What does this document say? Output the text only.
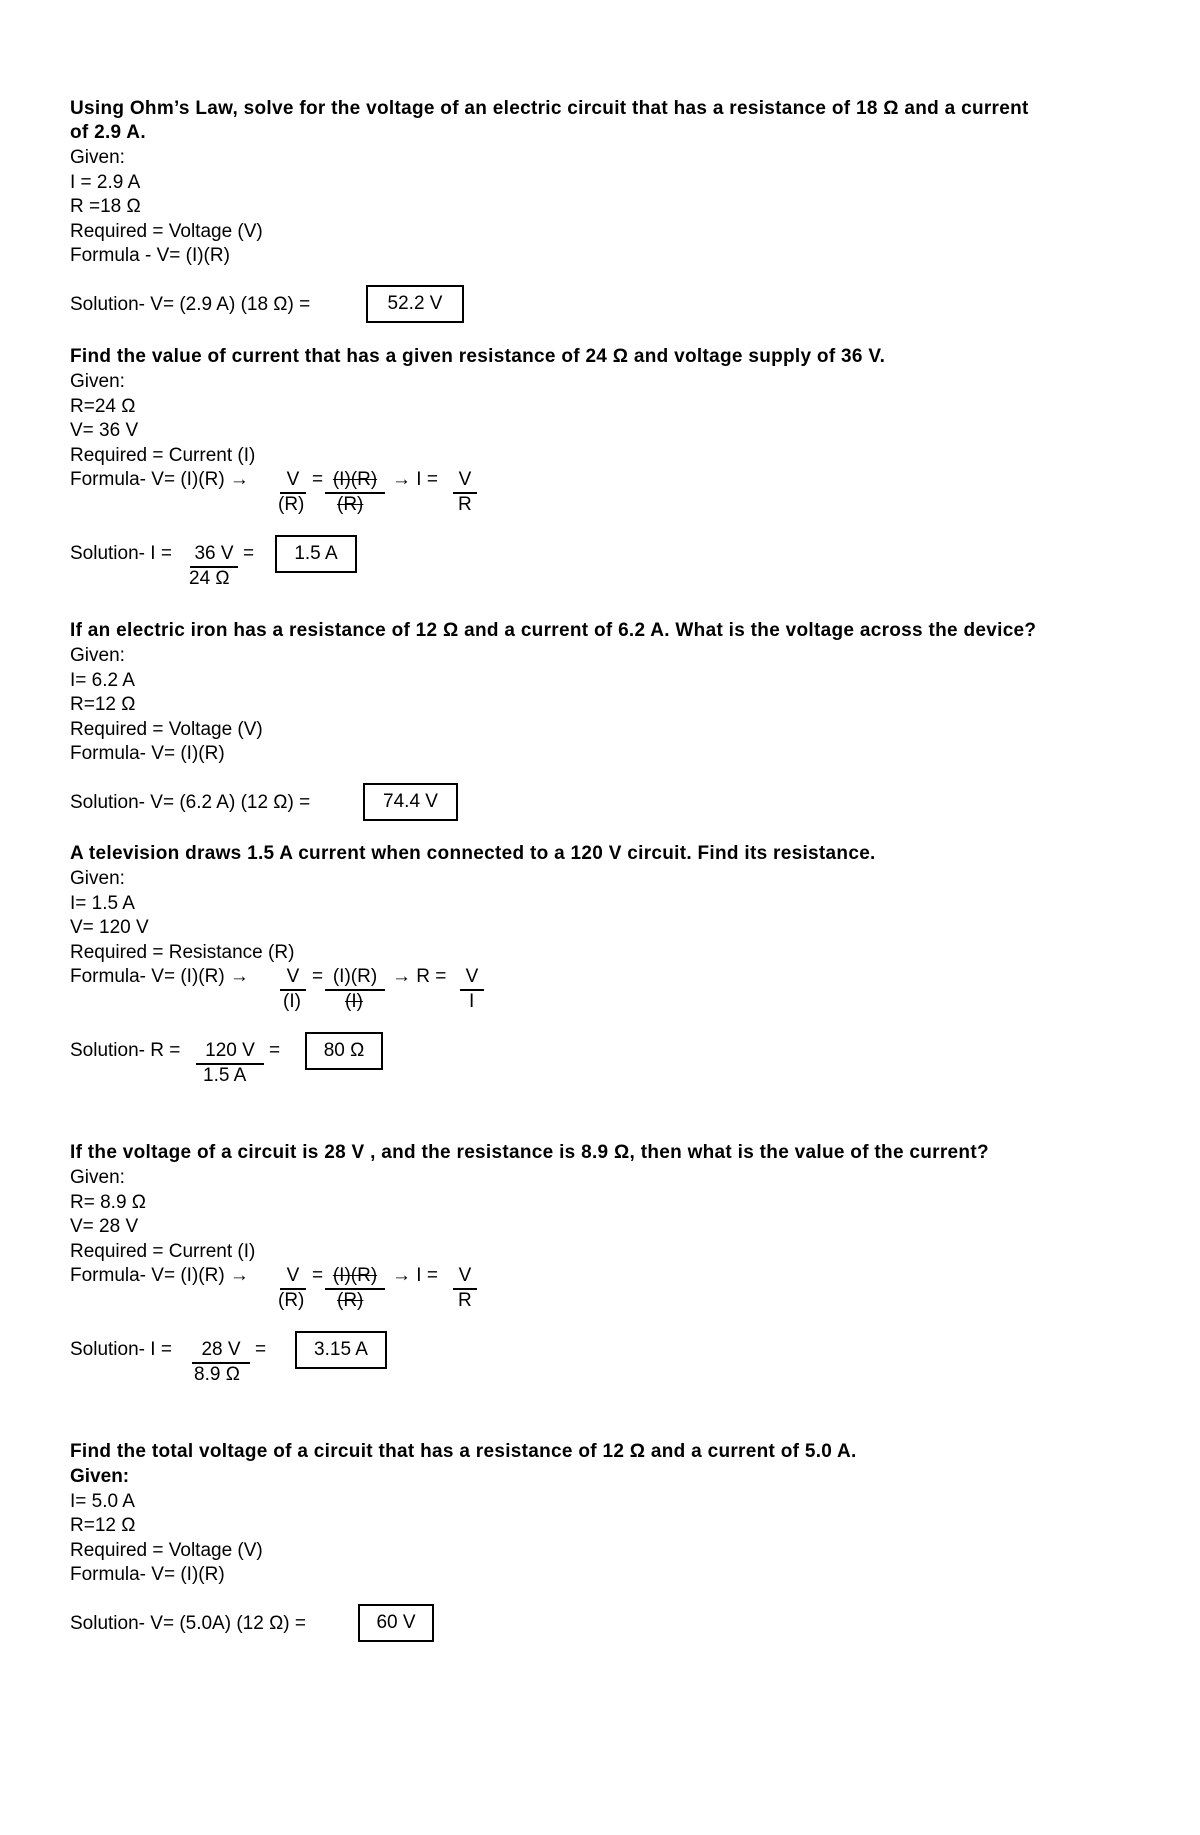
Using Ohm’s Law, solve for the voltage of an electric circuit that has a resistance of 18 Ω and a current
of 2.9 A.
Given:
I = 2.9 A
R =18 Ω
Required = Voltage (V)
Formula - V= (I)(R)
Solution- V= (2.9 A) (18 Ω) =	52.2 V
Find the value of current that has a given resistance of 24 Ω and voltage supply of 36 V.
Given:
R=24 Ω
V= 36 V
Required = Current (I)
Formula- V= (I)(R) →	V
(R)
= (I)(R)
(R)
→ I = V
R
Solution- I = 36 V
24 Ω
=	1.5 A
If an electric iron has a resistance of 12 Ω and a current of 6.2 A. What is the voltage across the device?
Given:
I= 6.2 A
R=12 Ω
Required = Voltage (V)
Formula- V= (I)(R)
Solution- V= (6.2 A) (12 Ω) =	74.4 V
A television draws 1.5 A current when connected to a 120 V circuit. Find its resistance.
Given:
I= 1.5 A
V= 120 V
Required = Resistance (R)
Formula- V= (I)(R) →	V
(I)
= (I)(R)
(I)
→ R = V
I
Solution- R =	120 V
1.5 A
=	80 Ω
If the voltage of a circuit is 28 V , and the resistance is 8.9 Ω, then what is the value of the current?
Given:
R= 8.9 Ω
V= 28 V
Required = Current (I)
Formula- V= (I)(R) →	V
(R)
= (I)(R)
(R)
→ I = V
R
Solution- I =	28 V
8.9 Ω
=	3.15 A
Find the total voltage of a circuit that has a resistance of 12 Ω and a current of 5.0 A.
Given:
I= 5.0 A
R=12 Ω
Required = Voltage (V)
Formula- V= (I)(R)
Solution- V= (5.0A) (12 Ω) =	60 V
